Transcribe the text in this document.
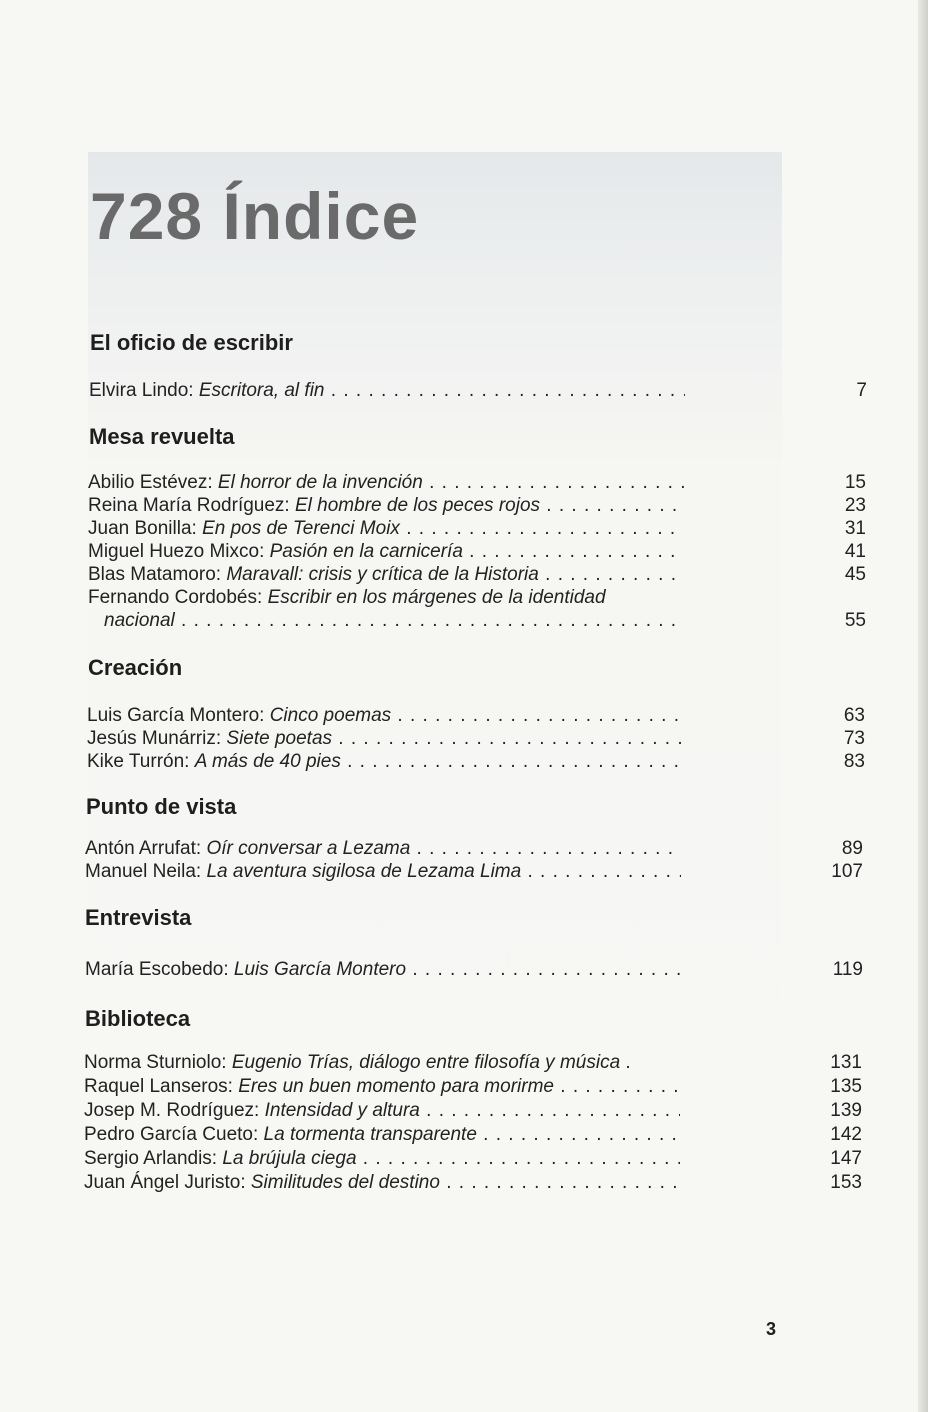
728 Índice
El oficio de escribir
Elvira Lindo: Escritora, al fin . . .	7
Mesa revuelta
Abilio Estévez: El horror de la invención . . .	15
Reina María Rodríguez: El hombre de los peces rojos . . .	23
Juan Bonilla: En pos de Terenci Moix . . .	31
Miguel Huezo Mixco: Pasión en la carnicería . . .	41
Blas Matamoro: Maravall: crisis y crítica de la Historia . . .	45
Fernando Cordobés: Escribir en los márgenes de la identidad
nacional . . .	55
Creación
Luis García Montero: Cinco poemas . . .	63
Jesús Munárriz: Siete poetas . . .	73
Kike Turrón: A más de 40 pies . . .	83
Punto de vista
Antón Arrufat: Oír conversar a Lezama . . .	89
Manuel Neila: La aventura sigilosa de Lezama Lima . . .	107
Entrevista
María Escobedo: Luis García Montero . . .	119
Biblioteca
Norma Sturniolo: Eugenio Trías, diálogo entre filosofía y música .	131
Raquel Lanseros: Eres un buen momento para morirme . . .	135
Josep M. Rodríguez: Intensidad y altura . . .	139
Pedro García Cueto: La tormenta transparente . . .	142
Sergio Arlandis: La brújula ciega . . .	147
Juan Ángel Juristo: Similitudes del destino . . .	153
3
